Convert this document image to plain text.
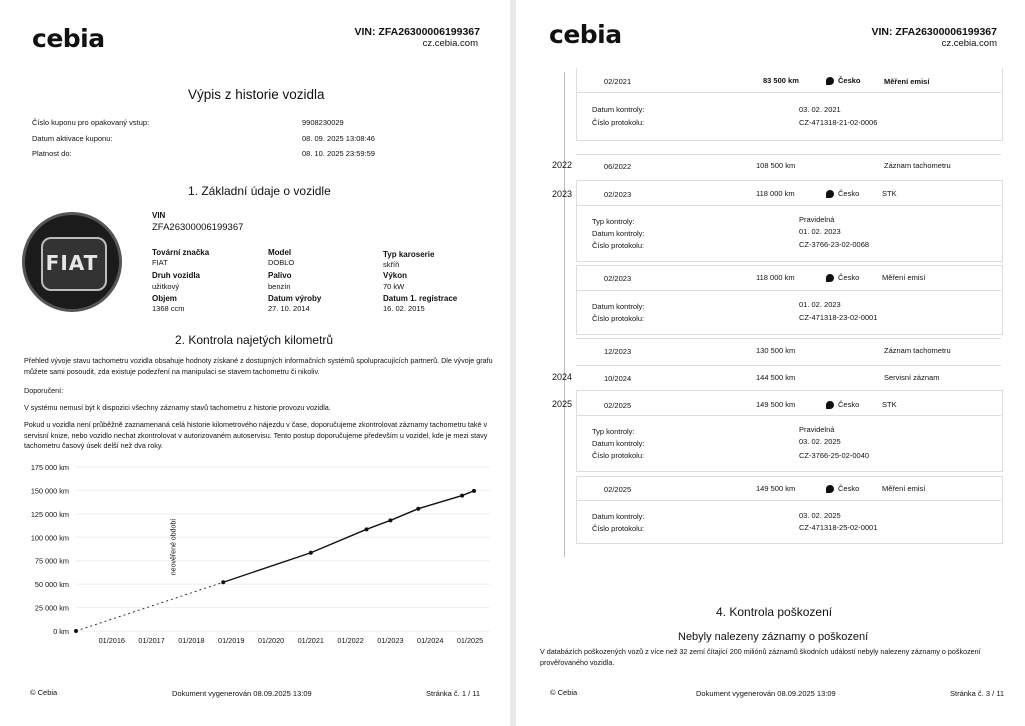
cebia	VIN: ZFA26300006199367
cz.cebia.com
Výpis z historie vozidla
Číslo kuponu pro opakovaný vstup:	9908230029
Datum aktivace kuponu:	08. 09. 2025 13:08:46
Platnost do:	08. 10. 2025 23:59:59
1. Základní údaje o vozidle
FIAT
VIN
ZFA26300006199367
Tovární značka
FIAT
Model
DOBLO
Typ karoserie
skříň
Druh vozidla
užitkový
Palivo
benzín
Výkon
70 kW
Objem
1368 ccm
Datum výroby
27. 10. 2014
Datum 1. registrace
16. 02. 2015
2. Kontrola najetých kilometrů
Přehled vývoje stavu tachometru vozidla obsahuje hodnoty získané z dostupných informačních systémů spolupracujících partnerů. Dle vývoje grafu můžete sami posoudit, zda existuje podezření na manipulaci se stavem tachometru či nikoliv.
Doporučení:
V systému nemusí být k dispozici všechny záznamy stavů tachometru z historie provozu vozidla.
Pokud u vozidla není průběžně zaznamenaná celá historie kilometrového nájezdu v čase, doporučujeme zkontrolovat záznamy tachometru také v servisní knize, nebo vozidlo nechat zkontrolovat v autorizovaném autoservisu. Tento postup doporučujeme především u vozidel, kde je mezi stavy tachometru časový úsek delší než dva roky.
0 km
25 000 km
50 000 km
75 000 km
100 000 km
125 000 km
150 000 km
175 000 km
01/2016 01/2017 01/2018 01/2019 01/2020 01/2021 01/2022 01/2023 01/2024 01/2025
neověřené období
© Cebia	Dokument vygenerován 08.09.2025 13:09	Stránka č. 1 / 11
cebia	VIN: ZFA26300006199367
cz.cebia.com
02/2021	83 500 km	Česko	Měření emisí
Datum kontroly:	03. 02. 2021
Číslo protokolu:	CZ-471318-21-02-0006
2022	06/2022	108 500 km	Záznam tachometru
2023	02/2023	118 000 km	Česko	STK
Typ kontroly:	Pravidelná
Datum kontroly:	01. 02. 2023
Číslo protokolu:	CZ-3766-23-02-0068
02/2023	118 000 km	Česko	Měření emisí
Datum kontroly:	01. 02. 2023
Číslo protokolu:	CZ-471318-23-02-0001
12/2023	130 500 km	Záznam tachometru
2024	10/2024	144 500 km	Servisní záznam
2025	02/2025	149 500 km	Česko	STK
Typ kontroly:	Pravidelná
Datum kontroly:	03. 02. 2025
Číslo protokolu:	CZ-3766-25-02-0040
02/2025	149 500 km	Česko	Měření emisí
Datum kontroly:	03. 02. 2025
Číslo protokolu:	CZ-471318-25-02-0001
4. Kontrola poškození
Nebyly nalezeny záznamy o poškození
V databázích poškozených vozů z více než 32 zemí čítající 200 miliónů záznamů škodních událostí nebyly nalezeny záznamy o poškození prověřovaného vozidla.
© Cebia	Dokument vygenerován 08.09.2025 13:09	Stránka č. 3 / 11
